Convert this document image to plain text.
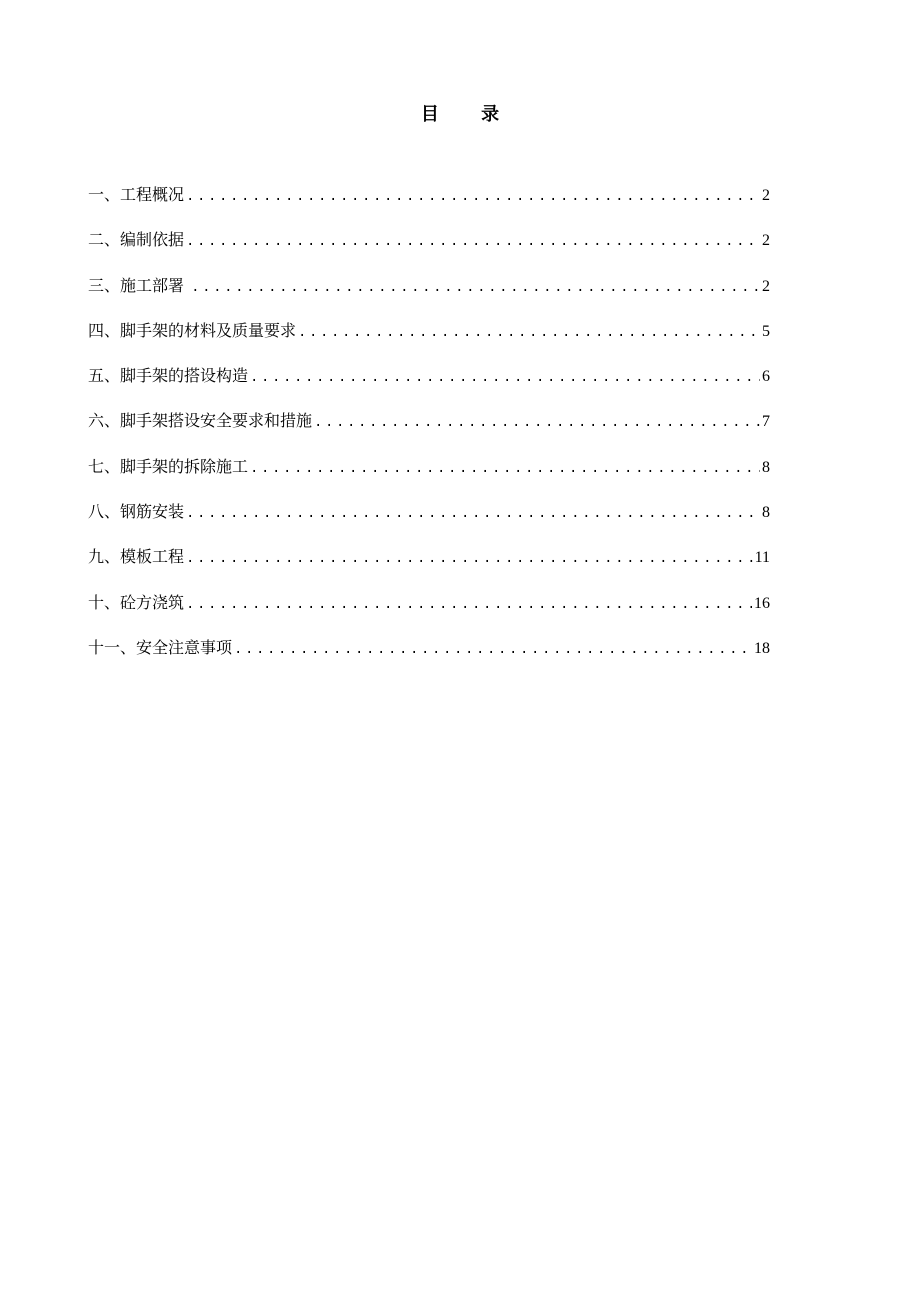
目 录
一、工程概况 .....	2
二、编制依据 .....	2
三、施工部署 .....	2
四、脚手架的材料及质量要求 .....	5
五、脚手架的搭设构造 .....	6
六、脚手架搭设安全要求和措施 .....	7
七、脚手架的拆除施工 .....	8
八、钢筋安装 .....	8
九、模板工程 .....	11
十、砼方浇筑 .....	16
十一、安全注意事项 .....	18
